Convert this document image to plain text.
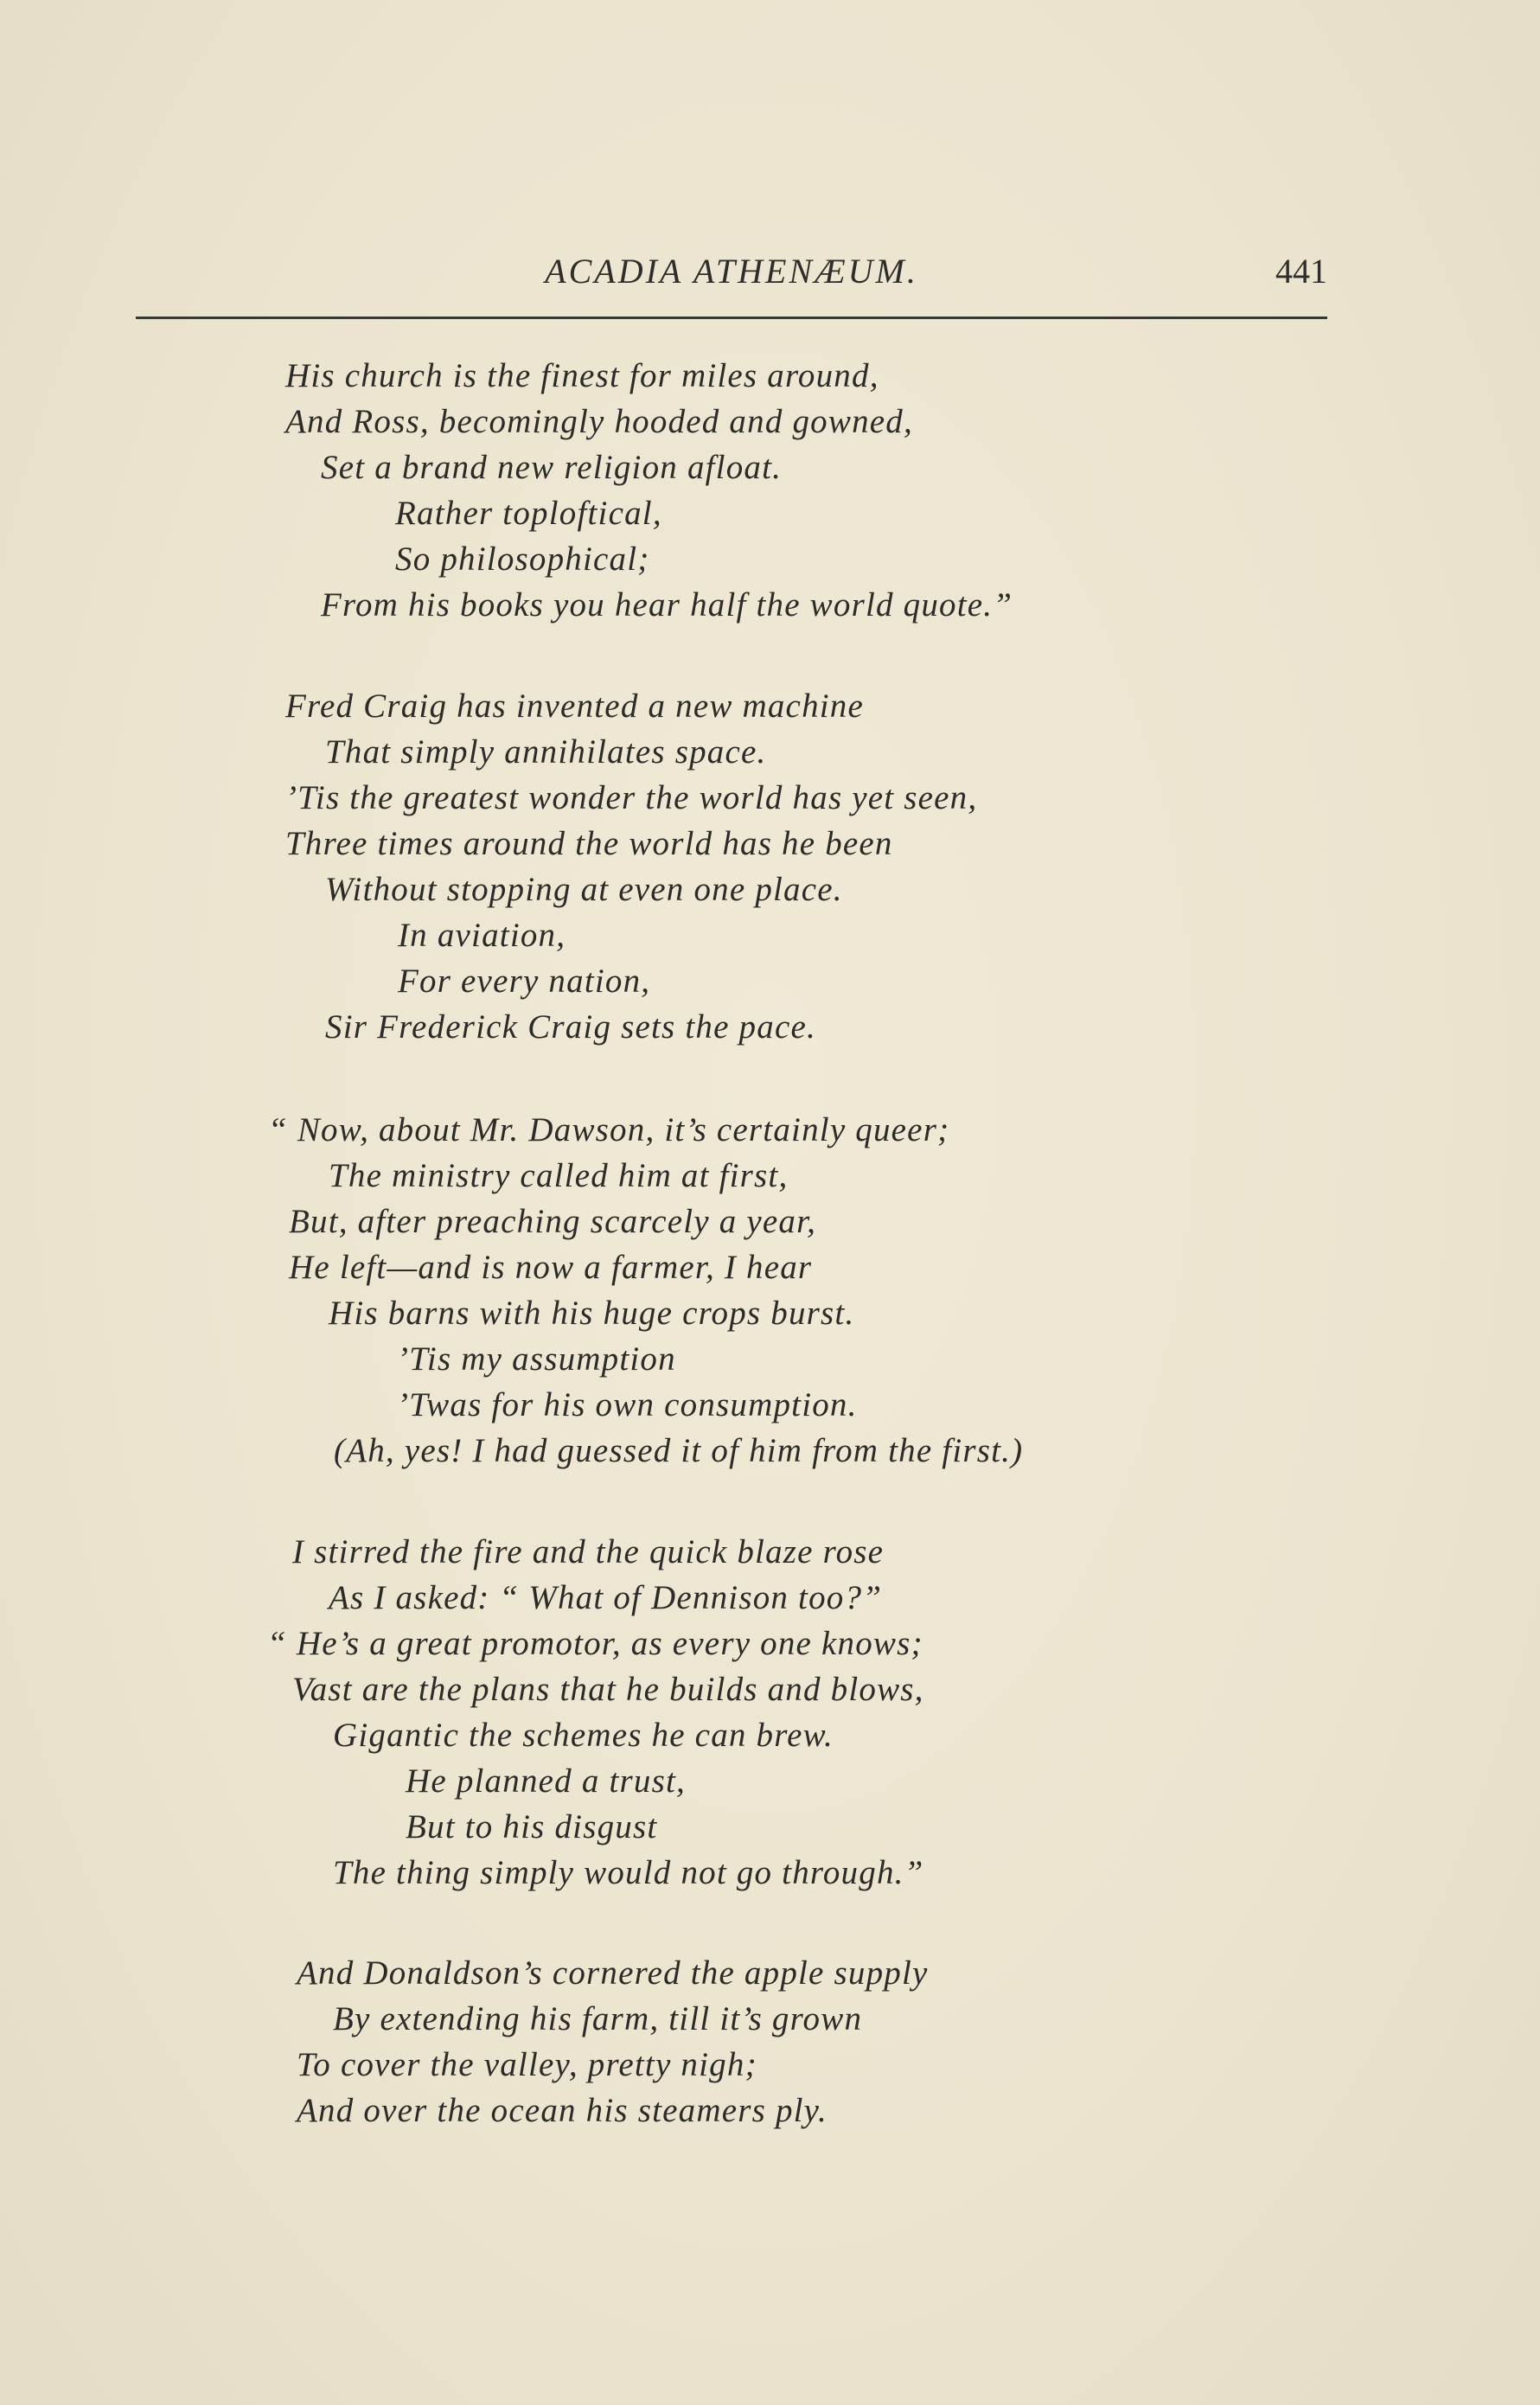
ACADIA ATHENÆUM.	441
His church is the finest for miles around,
And Ross, becomingly hooded and gowned,
Set a brand new religion afloat.
Rather toploftical,
So philosophical;
From his books you hear half the world quote.”
Fred Craig has invented a new machine
That simply annihilates space.
’Tis the greatest wonder the world has yet seen,
Three times around the world has he been
Without stopping at even one place.
In aviation,
For every nation,
Sir Frederick Craig sets the pace.
“ Now, about Mr. Dawson, it’s certainly queer;
The ministry called him at first,
But, after preaching scarcely a year,
He left—and is now a farmer, I hear
His barns with his huge crops burst.
’Tis my assumption
’Twas for his own consumption.
(Ah, yes! I had guessed it of him from the first.)
I stirred the fire and the quick blaze rose
As I asked: “ What of Dennison too?”
“ He’s a great promotor, as every one knows;
Vast are the plans that he builds and blows,
Gigantic the schemes he can brew.
He planned a trust,
But to his disgust
The thing simply would not go through.”
And Donaldson’s cornered the apple supply
By extending his farm, till it’s grown
To cover the valley, pretty nigh;
And over the ocean his steamers ply.
